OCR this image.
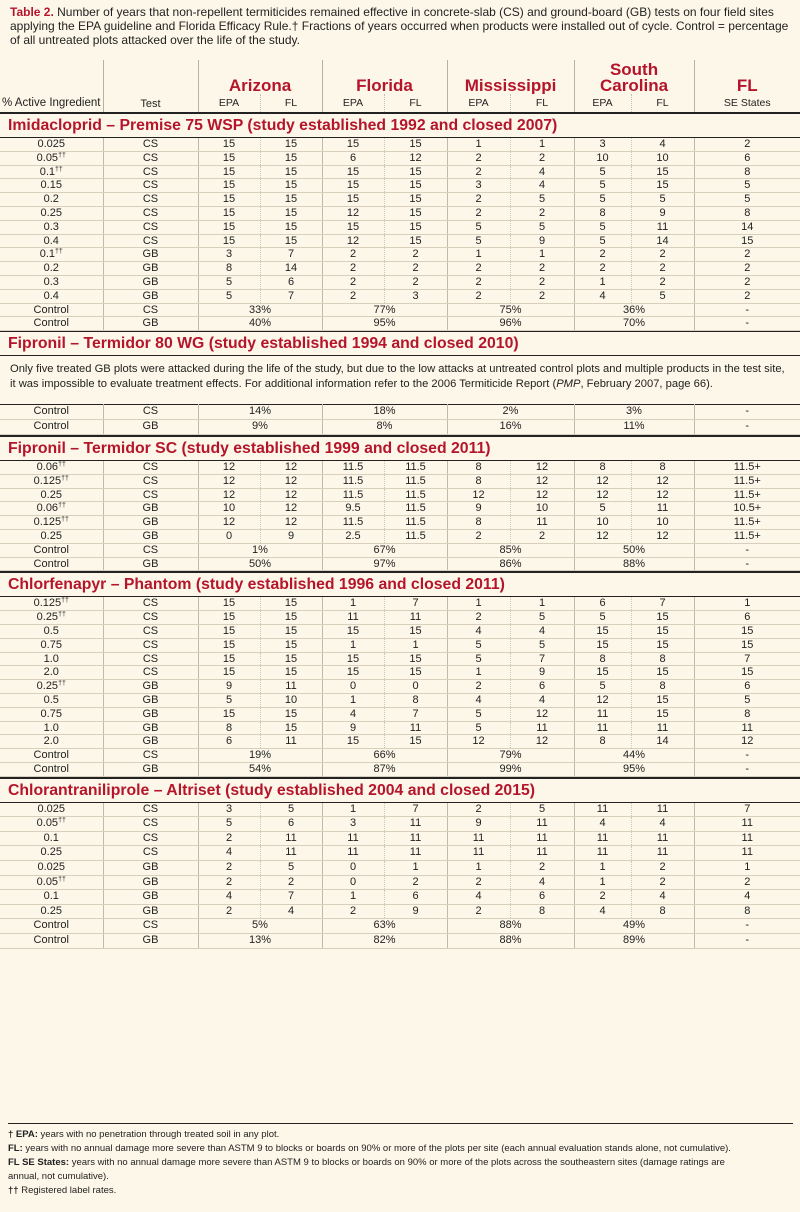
Table 2. Number of years that non-repellent termiticides remained effective in concrete-slab (CS) and ground-board (GB) tests on four field sites applying the EPA guideline and Florida Efficacy Rule.† Fractions of years occurred when products were installed out of cycle. Control = percentage of all untreated plots attacked over the life of the study.
% Active Ingredient	Test	Arizona		Florida		Mississippi		South Carolina		FL
		EPA	FL	EPA	FL	EPA	FL	EPA	FL	SE States
Imidacloprid – Premise 75 WSP (study established 1992 and closed 2007)
0.025	CS	15	15	15	15	1	1	3	4	2
0.05††	CS	15	15	6	12	2	2	10	10	6
0.1††	CS	15	15	15	15	2	4	5	15	8
0.15	CS	15	15	15	15	3	4	5	15	5
0.2	CS	15	15	15	15	2	5	5	5	5
0.25	CS	15	15	12	15	2	2	8	9	8
0.3	CS	15	15	15	15	5	5	5	11	14
0.4	CS	15	15	12	15	5	9	5	14	15
0.1††	GB	3	7	2	2	1	1	2	2	2
0.2	GB	8	14	2	2	2	2	2	2	2
0.3	GB	5	6	2	2	2	2	1	2	2
0.4	GB	5	7	2	3	2	2	4	5	2
Control	CS	33%		77%		75%		36%		-
Control	GB	40%		95%		96%		70%		-
Fipronil – Termidor 80 WG (study established 1994 and closed 2010)
Only five treated GB plots were attacked during the life of the study, but due to the low attacks at untreated control plots and multiple products in the test site, it was impossible to evaluate treatment effects. For additional information refer to the 2006 Termiticide Report (PMP, February 2007, page 66).
Control	CS	14%	18%	2%	3%	-
Control	GB	9%	8%	16%	11%	-
Fipronil – Termidor SC (study established 1999 and closed 2011)
0.06††	CS	12	12	11.5	11.5	8	12	8	8	11.5+
0.125††	CS	12	12	11.5	11.5	8	12	12	12	11.5+
0.25	CS	12	12	11.5	11.5	12	12	12	12	11.5+
0.06††	GB	10	12	9.5	11.5	9	10	5	11	10.5+
0.125††	GB	12	12	11.5	11.5	8	11	10	10	11.5+
0.25	GB	0	9	2.5	11.5	2	2	12	12	11.5+
Control	CS	1%		67%		85%		50%		-
Control	GB	50%		97%		86%		88%		-
Chlorfenapyr – Phantom (study established 1996 and closed 2011)
0.125††	CS	15	15	1	7	1	1	6	7	1
0.25††	CS	15	15	11	11	2	5	5	15	6
0.5	CS	15	15	15	15	4	4	15	15	15
0.75	CS	15	15	1	1	5	5	15	15	15
1.0	CS	15	15	15	15	5	7	8	8	7
2.0	CS	15	15	15	15	1	9	15	15	15
0.25††	GB	9	11	0	0	2	6	5	8	6
0.5	GB	5	10	1	8	4	4	12	15	5
0.75	GB	15	15	4	7	5	12	11	15	8
1.0	GB	8	15	9	11	5	11	11	11	11
2.0	GB	6	11	15	15	12	12	8	14	12
Control	CS	19%		66%		79%		44%		-
Control	GB	54%		87%		99%		95%		-
Chlorantraniliprole – Altriset (study established 2004 and closed 2015)
0.025	CS	3	5	1	7	2	5	11	11	7
0.05††	CS	5	6	3	11	9	11	4	4	11
0.1	CS	2	11	11	11	11	11	11	11	11
0.25	CS	4	11	11	11	11	11	11	11	11
0.025	GB	2	5	0	1	1	2	1	2	1
0.05††	GB	2	2	0	2	2	4	1	2	2
0.1	GB	4	7	1	6	4	6	2	4	4
0.25	GB	2	4	2	9	2	8	4	8	8
Control	CS	5%		63%		88%		49%		-
Control	GB	13%		82%		88%		89%		-
† EPA: years with no penetration through treated soil in any plot.
FL: years with no annual damage more severe than ASTM 9 to blocks or boards on 90% or more of the plots per site (each annual evaluation stands alone, not cumulative).
FL SE States: years with no annual damage more severe than ASTM 9 to blocks or boards on 90% or more of the plots across the southeastern sites (damage ratings are
annual, not cumulative).
†† Registered label rates.
